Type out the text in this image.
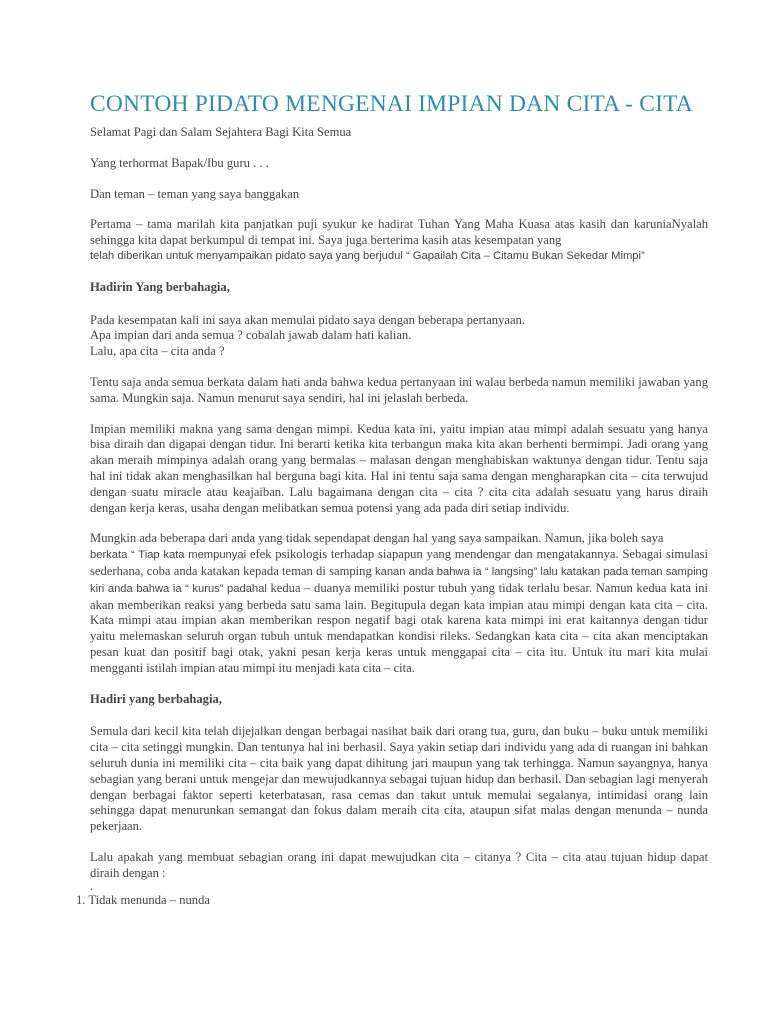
CONTOH PIDATO MENGENAI IMPIAN DAN CITA - CITA

Selamat Pagi dan Salam Sejahtera Bagi Kita Semua

Yang terhormat Bapak/Ibu guru . . .

Dan teman – teman yang saya banggakan

Pertama – tama marilah kita panjatkan puji syukur ke hadirat Tuhan Yang Maha Kuasa atas kasih dan karuniaNyalah sehingga kita dapat berkumpul di tempat ini. Saya juga berterima kasih atas kesempatan yang
telah diberikan untuk menyampaikan pidato saya yang berjudul “ Gapailah Cita – Citamu Bukan Sekedar Mimpi”

Hadirin Yang berbahagia,

Pada kesempatan kali ini saya akan memulai pidato saya dengan beberapa pertanyaan.
Apa impian dari anda semua ? cobalah jawab dalam hati kalian.
Lalu, apa cita – cita anda ?

Tentu saja anda semua berkata dalam hati anda bahwa kedua pertanyaan ini walau berbeda namun memiliki jawaban yang sama. Mungkin saja. Namun menurut saya sendiri, hal ini jelaslah berbeda.

Impian memiliki makna yang sama dengan mimpi. Kedua kata ini, yaitu impian atau mimpi adalah sesuatu yang hanya bisa diraih dan digapai dengan tidur. Ini berarti ketika kita terbangun maka kita akan berhenti bermimpi. Jadi orang yang akan meraih mimpinya adalah orang yang bermalas – malasan dengan menghabiskan waktunya dengan tidur. Tentu saja hal ini tidak akan menghasilkan hal berguna bagi kita. Hal ini tentu saja sama dengan mengharapkan cita – cita terwujud dengan suatu miracle atau keajaiban. Lalu bagaimana dengan cita – cita ? cita cita adalah sesuatu yang harus diraih dengan kerja keras, usaha dengan melibatkan semua potensi yang ada pada diri setiap individu.

Mungkin ada beberapa dari anda yang tidak sependapat dengan hal yang saya sampaikan. Namun, jika boleh saya
berkata “ Tiap kata mempunyai efek psikologis terhadap siapapun yang mendengar dan mengatakannya. Sebagai simulasi sederhana, coba anda katakan kepada teman di samping kanan anda bahwa ia “ langsing” lalu katakan pada teman samping kiri anda bahwa ia “ kurus” padahal kedua – duanya memiliki postur tubuh yang tidak terlalu besar. Namun kedua kata ini akan memberikan reaksi yang berbeda satu sama lain. Begitupula degan kata impian atau mimpi dengan kata cita – cita. Kata mimpi atau impian akan memberikan respon negatif bagi otak karena kata mimpi ini erat kaitannya dengan tidur yaitu melemaskan seluruh organ tubuh untuk mendapatkan kondisi rileks. Sedangkan kata cita – cita akan menciptakan pesan kuat dan positif bagi otak, yakni pesan kerja keras untuk menggapai cita – cita itu. Untuk itu mari kita mulai mengganti istilah impian atau mimpi itu menjadi kata cita – cita.

Hadiri yang berbahagia,

Semula dari kecil kita telah dijejalkan dengan berbagai nasihat baik dari orang tua, guru, dan buku – buku untuk memiliki cita – cita setinggi mungkin. Dan tentunya hal ini berhasil. Saya yakin setiap dari individu yang ada di ruangan ini bahkan seluruh dunia ini memiliki cita – cita baik yang dapat dihitung jari maupun yang tak terhingga. Namun sayangnya, hanya sebagian yang berani untuk mengejar dan mewujudkannya sebagai tujuan hidup dan berhasil. Dan sebagian lagi menyerah dengan berbagai faktor seperti keterbatasan, rasa cemas dan takut untuk memulai segalanya, intimidasi orang lain sehingga dapat menurunkan semangat dan fokus dalam meraih cita cita, ataupun sifat malas dengan menunda – nunda pekerjaan.

Lalu apakah yang membuat sebagian orang ini dapat mewujudkan cita – citanya ? Cita – cita atau tujuan hidup dapat diraih dengan :

.
1. Tidak menunda – nunda
